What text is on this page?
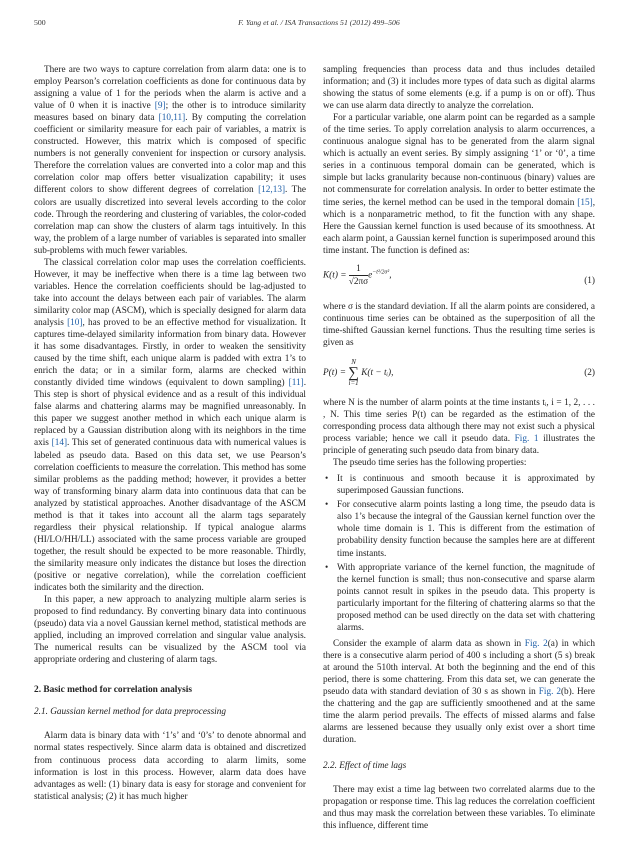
500	F. Yang et al. / ISA Transactions 51 (2012) 499–506

There are two ways to capture correlation from alarm data: one is to employ Pearson’s correlation coefficients as done for continuous data by assigning a value of 1 for the periods when the alarm is active and a value of 0 when it is inactive [9]; the other is to introduce similarity measures based on binary data [10,11]. By computing the correlation coefficient or similarity measure for each pair of variables, a matrix is constructed. However, this matrix which is composed of specific numbers is not generally convenient for inspection or cursory analysis. Therefore the correlation values are converted into a color map and this correlation color map offers better visualization capability; it uses different colors to show different degrees of correlation [12,13]. The colors are usually discretized into several levels according to the color code. Through the reordering and clustering of variables, the color-coded correlation map can show the clusters of alarm tags intuitively. In this way, the problem of a large number of variables is separated into smaller sub-problems with much fewer variables.

The classical correlation color map uses the correlation coefficients. However, it may be ineffective when there is a time lag between two variables. Hence the correlation coefficients should be lag-adjusted to take into account the delays between each pair of variables. The alarm similarity color map (ASCM), which is specially designed for alarm data analysis [10], has proved to be an effective method for visualization. It captures time-delayed similarity information from binary data. However it has some disadvantages. Firstly, in order to weaken the sensitivity caused by the time shift, each unique alarm is padded with extra 1’s to enrich the data; or in a similar form, alarms are checked within constantly divided time windows (equivalent to down sampling) [11]. This step is short of physical evidence and as a result of this individual false alarms and chattering alarms may be magnified unreasonably. In this paper we suggest another method in which each unique alarm is replaced by a Gaussian distribution along with its neighbors in the time axis [14]. This set of generated continuous data with numerical values is labeled as pseudo data. Based on this data set, we use Pearson’s correlation coefficients to measure the correlation. This method has some similar problems as the padding method; however, it provides a better way of transforming binary alarm data into continuous data that can be analyzed by statistical approaches. Another disadvantage of the ASCM method is that it takes into account all the alarm tags separately regardless their physical relationship. If typical analogue alarms (HI/LO/HH/LL) associated with the same process variable are grouped together, the result should be expected to be more reasonable. Thirdly, the similarity measure only indicates the distance but loses the direction (positive or negative correlation), while the correlation coefficient indicates both the similarity and the direction.

In this paper, a new approach to analyzing multiple alarm series is proposed to find redundancy. By converting binary data into continuous (pseudo) data via a novel Gaussian kernel method, statistical methods are applied, including an improved correlation and singular value analysis. The numerical results can be visualized by the ASCM tool via appropriate ordering and clustering of alarm tags.

2. Basic method for correlation analysis
2.1. Gaussian kernel method for data preprocessing

Alarm data is binary data with ‘1’s’ and ‘0’s’ to denote abnormal and normal states respectively. Since alarm data is obtained and discretized from continuous process data according to alarm limits, some information is lost in this process. However, alarm data does have advantages as well: (1) binary data is easy for storage and convenient for statistical analysis; (2) it has much higher

sampling frequencies than process data and thus includes detailed information; and (3) it includes more types of data such as digital alarms showing the status of some elements (e.g. if a pump is on or off). Thus we can use alarm data directly to analyze the correlation.

For a particular variable, one alarm point can be regarded as a sample of the time series. To apply correlation analysis to alarm occurrences, a continuous analogue signal has to be generated from the alarm signal which is actually an event series. By simply assigning ‘1’ or ‘0’, a time series in a continuous temporal domain can be generated, which is simple but lacks granularity because non-continuous (binary) values are not commensurate for correlation analysis. In order to better estimate the time series, the kernel method can be used in the temporal domain [15], which is a nonparametric method, to fit the function with any shape. Here the Gaussian kernel function is used because of its smoothness. At each alarm point, a Gaussian kernel function is superimposed around this time instant. The function is defined as:

$K(t) = \frac{1}{√2\pi\sigma} e^{-t^2/2\sigma^2}$,
(1)

where σ is the standard deviation. If all the alarm points are considered, a continuous time series can be obtained as the superposition of all the time-shifted Gaussian kernel functions. Thus the resulting time series is given as

P(t) = N
∑
i=1 K(t − tᵢ),	(2)

where N is the number of alarm points at the time instants tᵢ, i = 1, 2, . . . , N. This time series P(t) can be regarded as the estimation of the corresponding process data although there may not exist such a physical process variable; hence we call it pseudo data. Fig. 1 illustrates the principle of generating such pseudo data from binary data.

The pseudo time series has the following properties:

• It is continuous and smooth because it is approximated by superimposed Gaussian functions.
• For consecutive alarm points lasting a long time, the pseudo data is also 1’s because the integral of the Gaussian kernel function over the whole time domain is 1. This is different from the estimation of probability density function because the samples here are at different time instants.
• With appropriate variance of the kernel function, the magnitude of the kernel function is small; thus non-consecutive and sparse alarm points cannot result in spikes in the pseudo data. This property is particularly important for the filtering of chattering alarms so that the proposed method can be used directly on the data set with chattering alarms.

Consider the example of alarm data as shown in Fig. 2(a) in which there is a consecutive alarm period of 400 s including a short (5 s) break at around the 510th interval. At both the beginning and the end of this period, there is some chattering. From this data set, we can generate the pseudo data with standard deviation of 30 s as shown in Fig. 2(b). Here the chattering and the gap are sufficiently smoothened and at the same time the alarm period prevails. The effects of missed alarms and false alarms are lessened because they usually only exist over a short time duration.

2.2. Effect of time lags

There may exist a time lag between two correlated alarms due to the propagation or response time. This lag reduces the correlation coefficient and thus may mask the correlation between these variables. To eliminate this influence, different time
